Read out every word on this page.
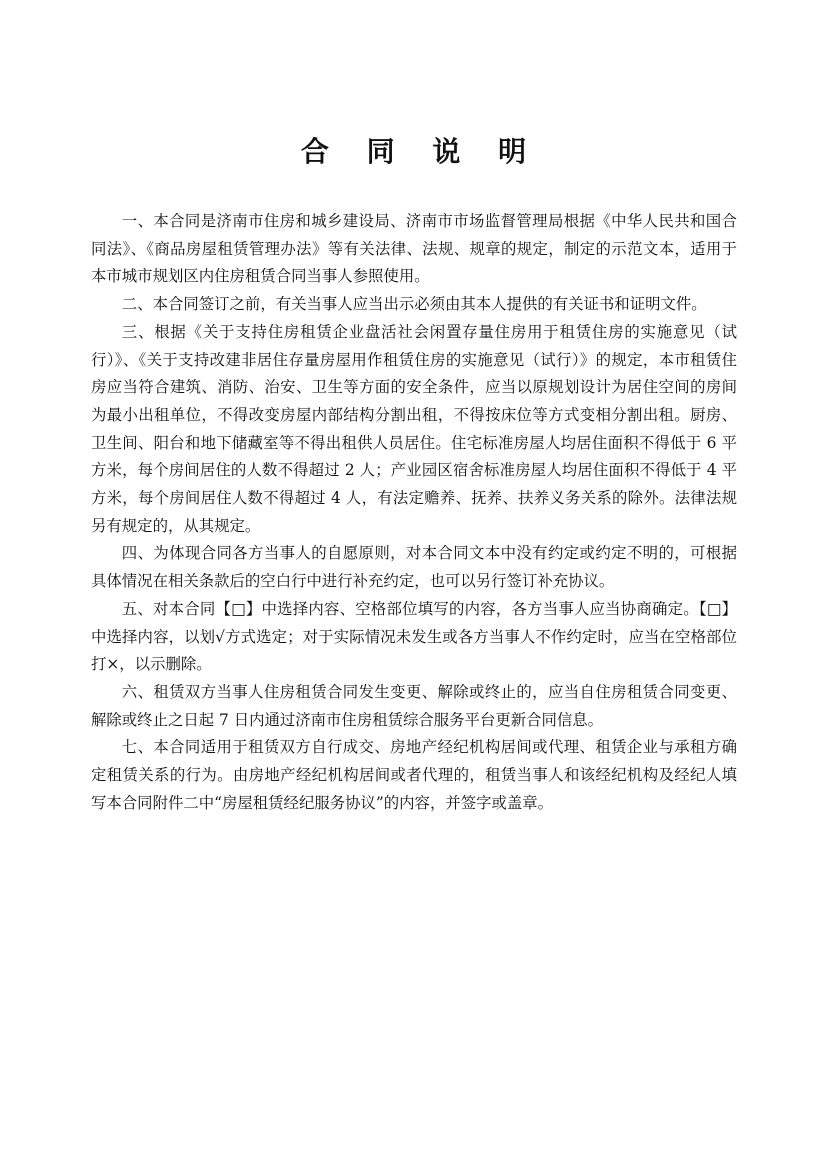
合 同 说 明

一、本合同是济南市住房和城乡建设局、济南市市场监督管理局根据《中华人民共和国合同法》、《商品房屋租赁管理办法》等有关法律、法规、规章的规定，制定的示范文本，适用于本市城市规划区内住房租赁合同当事人参照使用。

二、本合同签订之前，有关当事人应当出示必须由其本人提供的有关证书和证明文件。

三、根据《关于支持住房租赁企业盘活社会闲置存量住房用于租赁住房的实施意见（试行）》、《关于支持改建非居住存量房屋用作租赁住房的实施意见（试行）》的规定，本市租赁住房应当符合建筑、消防、治安、卫生等方面的安全条件，应当以原规划设计为居住空间的房间为最小出租单位，不得改变房屋内部结构分割出租，不得按床位等方式变相分割出租。厨房、卫生间、阳台和地下储藏室等不得出租供人员居住。住宅标准房屋人均居住面积不得低于 6 平方米，每个房间居住的人数不得超过 2 人；产业园区宿舍标准房屋人均居住面积不得低于 4 平方米，每个房间居住人数不得超过 4 人，有法定赡养、抚养、扶养义务关系的除外。法律法规另有规定的，从其规定。

四、为体现合同各方当事人的自愿原则，对本合同文本中没有约定或约定不明的，可根据具体情况在相关条款后的空白行中进行补充约定，也可以另行签订补充协议。

五、对本合同【□】中选择内容、空格部位填写的内容，各方当事人应当协商确定。【□】中选择内容，以划√方式选定；对于实际情况未发生或各方当事人不作约定时，应当在空格部位打×，以示删除。

六、租赁双方当事人住房租赁合同发生变更、解除或终止的，应当自住房租赁合同变更、解除或终止之日起 7 日内通过济南市住房租赁综合服务平台更新合同信息。

七、本合同适用于租赁双方自行成交、房地产经纪机构居间或代理、租赁企业与承租方确定租赁关系的行为。由房地产经纪机构居间或者代理的，租赁当事人和该经纪机构及经纪人填写本合同附件二中“房屋租赁经纪服务协议”的内容，并签字或盖章。
